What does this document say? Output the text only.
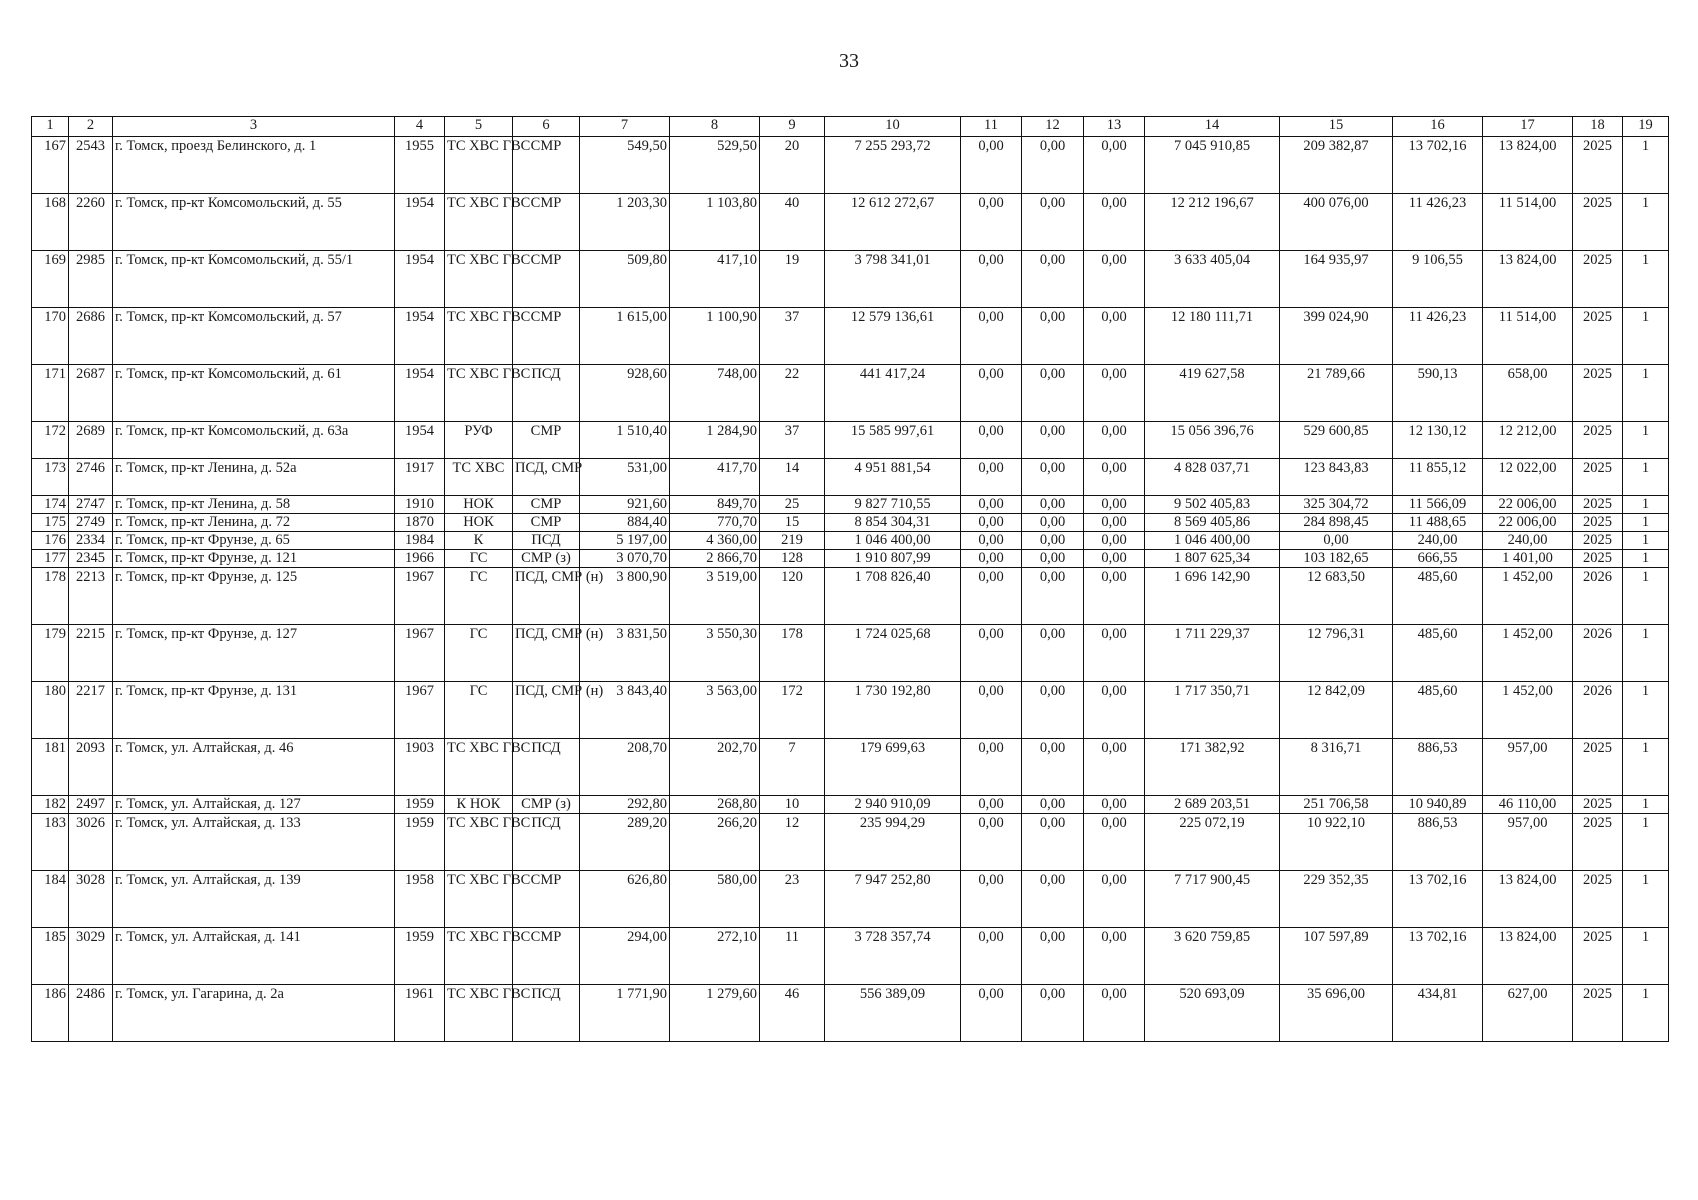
33
1	2	3	4	5	6	7	8	9	10	11	12	13	14	15	16	17	18	19
167	2543	г. Томск, проезд Белинского, д. 1	1955	ТС ХВС ГВС	СМР	549,50	529,50	20	7 255 293,72	0,00	0,00	0,00	7 045 910,85	209 382,87	13 702,16	13 824,00	2025	1
168	2260	г. Томск, пр-кт Комсомольский, д. 55	1954	ТС ХВС ГВС	СМР	1 203,30	1 103,80	40	12 612 272,67	0,00	0,00	0,00	12 212 196,67	400 076,00	11 426,23	11 514,00	2025	1
169	2985	г. Томск, пр-кт Комсомольский, д. 55/1	1954	ТС ХВС ГВС	СМР	509,80	417,10	19	3 798 341,01	0,00	0,00	0,00	3 633 405,04	164 935,97	9 106,55	13 824,00	2025	1
170	2686	г. Томск, пр-кт Комсомольский, д. 57	1954	ТС ХВС ГВС	СМР	1 615,00	1 100,90	37	12 579 136,61	0,00	0,00	0,00	12 180 111,71	399 024,90	11 426,23	11 514,00	2025	1
171	2687	г. Томск, пр-кт Комсомольский, д. 61	1954	ТС ХВС ГВС	ПСД	928,60	748,00	22	441 417,24	0,00	0,00	0,00	419 627,58	21 789,66	590,13	658,00	2025	1
172	2689	г. Томск, пр-кт Комсомольский, д. 63а	1954	РУФ	СМР	1 510,40	1 284,90	37	15 585 997,61	0,00	0,00	0,00	15 056 396,76	529 600,85	12 130,12	12 212,00	2025	1
173	2746	г. Томск, пр-кт Ленина, д. 52а	1917	ТС ХВС	ПСД, СМР	531,00	417,70	14	4 951 881,54	0,00	0,00	0,00	4 828 037,71	123 843,83	11 855,12	12 022,00	2025	1
174	2747	г. Томск, пр-кт Ленина, д. 58	1910	НОК	СМР	921,60	849,70	25	9 827 710,55	0,00	0,00	0,00	9 502 405,83	325 304,72	11 566,09	22 006,00	2025	1
175	2749	г. Томск, пр-кт Ленина, д. 72	1870	НОК	СМР	884,40	770,70	15	8 854 304,31	0,00	0,00	0,00	8 569 405,86	284 898,45	11 488,65	22 006,00	2025	1
176	2334	г. Томск, пр-кт Фрунзе, д. 65	1984	К	ПСД	5 197,00	4 360,00	219	1 046 400,00	0,00	0,00	0,00	1 046 400,00	0,00	240,00	240,00	2025	1
177	2345	г. Томск, пр-кт Фрунзе, д. 121	1966	ГС	СМР (з)	3 070,70	2 866,70	128	1 910 807,99	0,00	0,00	0,00	1 807 625,34	103 182,65	666,55	1 401,00	2025	1
178	2213	г. Томск, пр-кт Фрунзе, д. 125	1967	ГС	ПСД, СМР (н)	3 800,90	3 519,00	120	1 708 826,40	0,00	0,00	0,00	1 696 142,90	12 683,50	485,60	1 452,00	2026	1
179	2215	г. Томск, пр-кт Фрунзе, д. 127	1967	ГС	ПСД, СМР (н)	3 831,50	3 550,30	178	1 724 025,68	0,00	0,00	0,00	1 711 229,37	12 796,31	485,60	1 452,00	2026	1
180	2217	г. Томск, пр-кт Фрунзе, д. 131	1967	ГС	ПСД, СМР (н)	3 843,40	3 563,00	172	1 730 192,80	0,00	0,00	0,00	1 717 350,71	12 842,09	485,60	1 452,00	2026	1
181	2093	г. Томск, ул. Алтайская, д. 46	1903	ТС ХВС ГВС	ПСД	208,70	202,70	7	179 699,63	0,00	0,00	0,00	171 382,92	8 316,71	886,53	957,00	2025	1
182	2497	г. Томск, ул. Алтайская, д. 127	1959	К НОК	СМР (з)	292,80	268,80	10	2 940 910,09	0,00	0,00	0,00	2 689 203,51	251 706,58	10 940,89	46 110,00	2025	1
183	3026	г. Томск, ул. Алтайская, д. 133	1959	ТС ХВС ГВС	ПСД	289,20	266,20	12	235 994,29	0,00	0,00	0,00	225 072,19	10 922,10	886,53	957,00	2025	1
184	3028	г. Томск, ул. Алтайская, д. 139	1958	ТС ХВС ГВС	СМР	626,80	580,00	23	7 947 252,80	0,00	0,00	0,00	7 717 900,45	229 352,35	13 702,16	13 824,00	2025	1
185	3029	г. Томск, ул. Алтайская, д. 141	1959	ТС ХВС ГВС	СМР	294,00	272,10	11	3 728 357,74	0,00	0,00	0,00	3 620 759,85	107 597,89	13 702,16	13 824,00	2025	1
186	2486	г. Томск, ул. Гагарина, д. 2а	1961	ТС ХВС ГВС	ПСД	1 771,90	1 279,60	46	556 389,09	0,00	0,00	0,00	520 693,09	35 696,00	434,81	627,00	2025	1
